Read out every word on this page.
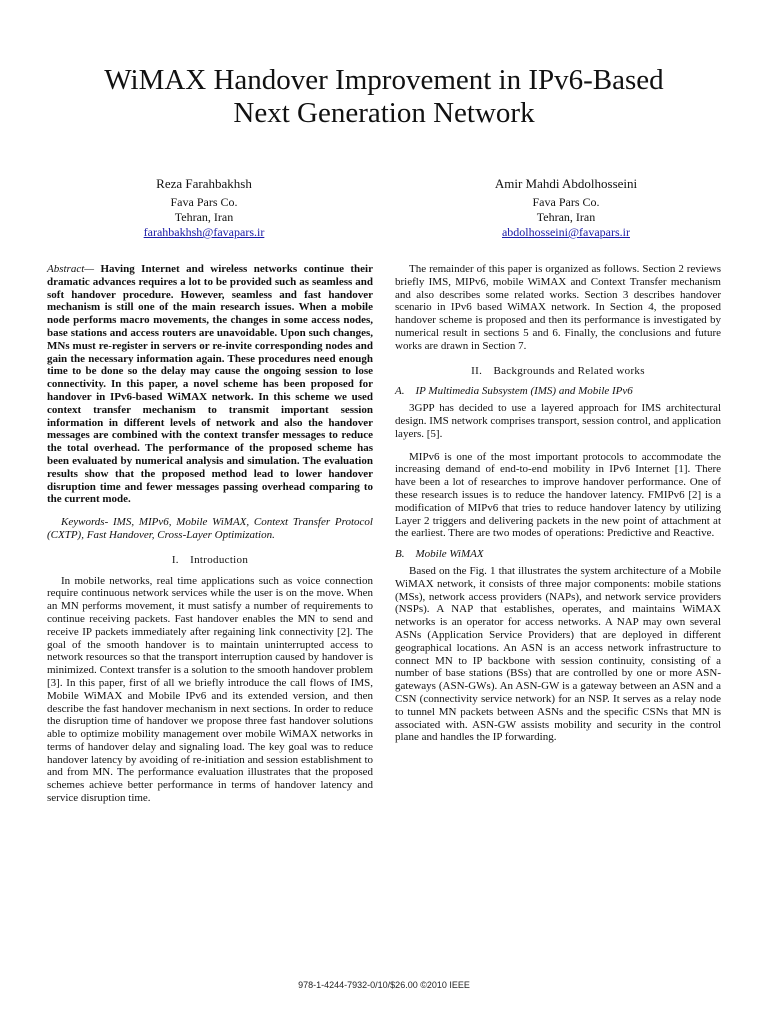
WiMAX Handover Improvement in IPv6-Based
Next Generation Network
Reza Farahbakhsh
Fava Pars Co.
Tehran, Iran
farahbakhsh@favapars.ir
Amir Mahdi Abdolhosseini
Fava Pars Co.
Tehran, Iran
abdolhosseini@favapars.ir

Abstract— Having Internet and wireless networks continue their dramatic advances requires a lot to be provided such as seamless and soft handover procedure. However, seamless and fast handover mechanism is still one of the main research issues. When a mobile node performs macro movements, the changes in some access nodes, base stations and access routers are unavoidable. Upon such changes, MNs must re-register in servers or re-invite corresponding nodes and gain the necessary information again. These procedures need enough time to be done so the delay may cause the ongoing session to lose connectivity. In this paper, a novel scheme has been proposed for handover in IPv6-based WiMAX network. In this scheme we used context transfer mechanism to transmit important session information in different levels of network and also the handover messages are combined with the context transfer messages to reduce the total overhead. The performance of the proposed scheme has been evaluated by numerical analysis and simulation. The evaluation results show that the proposed method lead to lower handover disruption time and fewer messages passing overhead comparing to the current mode.

Keywords- IMS, MIPv6, Mobile WiMAX, Context Transfer Protocol (CXTP), Fast Handover, Cross-Layer Optimization.

I. Introduction

In mobile networks, real time applications such as voice connection require continuous network services while the user is on the move. When an MN performs movement, it must satisfy a number of requirements to continue receiving packets. Fast handover enables the MN to send and receive IP packets immediately after regaining link connectivity [2]. The goal of the smooth handover is to maintain uninterrupted access to network resources so that the transport interruption caused by handover is minimized. Context transfer is a solution to the smooth handover problem [3]. In this paper, first of all we briefly introduce the call flows of IMS, Mobile WiMAX and Mobile IPv6 and its extended version, and then describe the fast handover mechanism in next sections. In order to reduce the disruption time of handover we propose three fast handover solutions able to optimize mobility management over mobile WiMAX networks in terms of handover delay and signaling load. The key goal was to reduce handover latency by avoiding of re-initiation and session establishment to and from MN. The performance evaluation illustrates that the proposed schemes achieve better performance in terms of handover latency and service disruption time.

The remainder of this paper is organized as follows. Section 2 reviews briefly IMS, MIPv6, mobile WiMAX and Context Transfer mechanism and also describes some related works. Section 3 describes handover scenario in IPv6 based WiMAX network. In Section 4, the proposed handover scheme is proposed and then its performance is investigated by numerical result in sections 5 and 6. Finally, the conclusions and future works are drawn in Section 7.

II. Backgrounds and Related works

A. IP Multimedia Subsystem (IMS) and Mobile IPv6

3GPP has decided to use a layered approach for IMS architectural design. IMS network comprises transport, session control, and application layers. [5].

MIPv6 is one of the most important protocols to accommodate the increasing demand of end-to-end mobility in IPv6 Internet [1]. There have been a lot of researches to improve handover performance. One of these research issues is to reduce the handover latency. FMIPv6 [2] is a modification of MIPv6 that tries to reduce handover latency by utilizing Layer 2 triggers and delivering packets in the new point of attachment at the earliest. There are two modes of operations: Predictive and Reactive.

B. Mobile WiMAX

Based on the Fig. 1 that illustrates the system architecture of a Mobile WiMAX network, it consists of three major components: mobile stations (MSs), network access providers (NAPs), and network service providers (NSPs). A NAP that establishes, operates, and maintains WiMAX networks is an operator for access networks. A NAP may own several ASNs (Application Service Providers) that are deployed in different geographical locations. An ASN is an access network infrastructure to connect MN to IP backbone with session continuity, consisting of a number of base stations (BSs) that are controlled by one or more ASN-gateways (ASN-GWs). An ASN-GW is a gateway between an ASN and a CSN (connectivity service network) for an NSP. It serves as a relay node to tunnel MN packets between ASNs and the specific CSNs that MN is associated with. ASN-GW assists mobility and security in the control plane and handles the IP forwarding.

978-1-4244-7932-0/10/$26.00 ©2010 IEEE
